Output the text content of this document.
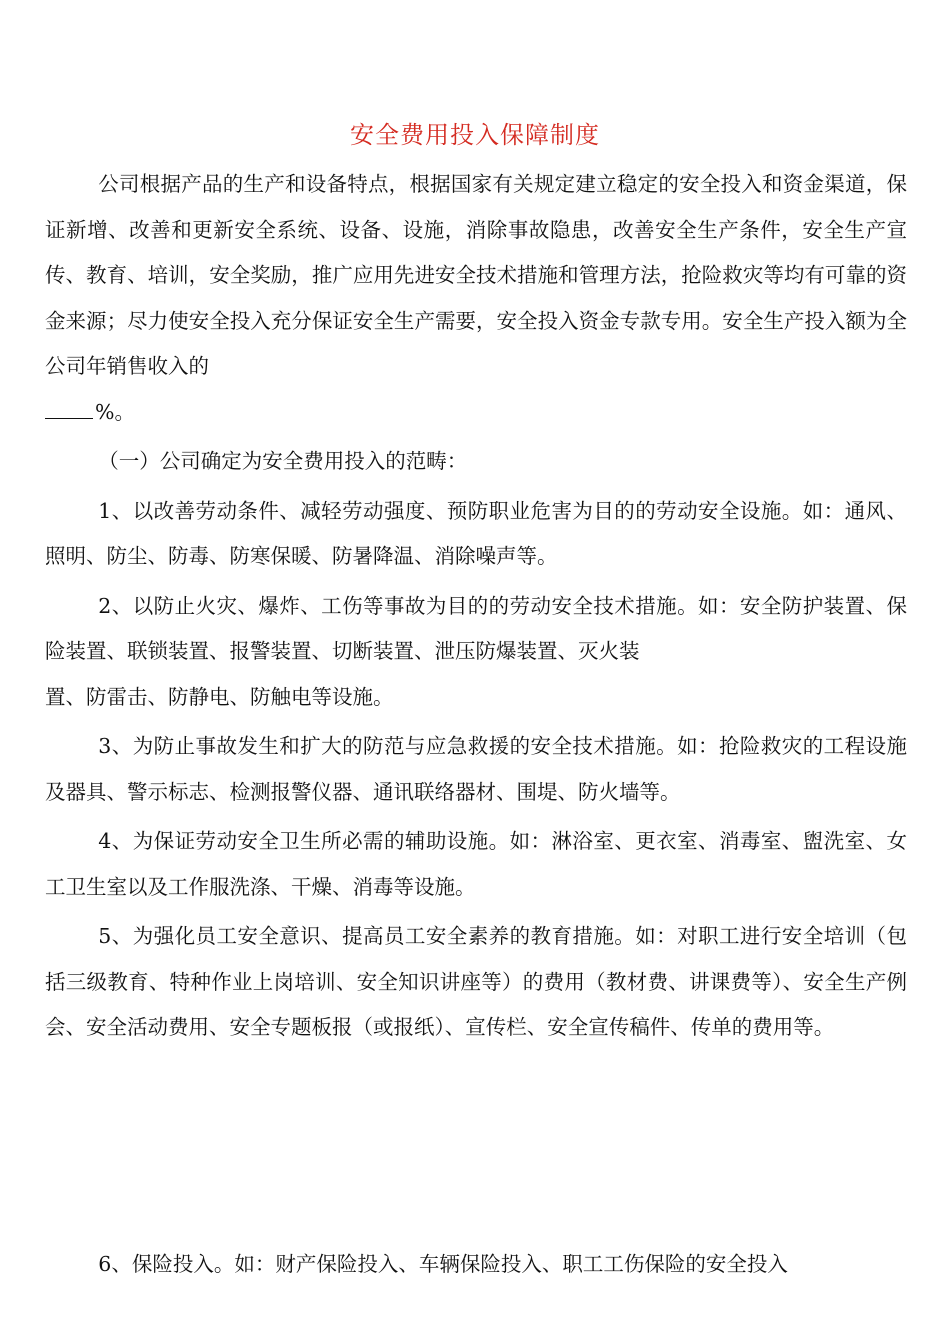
安全费用投入保障制度

公司根据产品的生产和设备特点，根据国家有关规定建立稳定的安全投入和资金渠道，保证新增、改善和更新安全系统、设备、设施，消除事故隐患，改善安全生产条件，安全生产宣传、教育、培训，安全奖励，推广应用先进安全技术措施和管理方法，抢险救灾等均有可靠的资金来源；尽力使安全投入充分保证安全生产需要，安全投入资金专款专用。安全生产投入额为全公司年销售收入的
%。

（一）公司确定为安全费用投入的范畴：

1、以改善劳动条件、减轻劳动强度、预防职业危害为目的的劳动安全设施。如：通风、照明、防尘、防毒、防寒保暖、防暑降温、消除噪声等。

2、以防止火灾、爆炸、工伤等事故为目的的劳动安全技术措施。如：安全防护装置、保险装置、联锁装置、报警装置、切断装置、泄压防爆装置、灭火装

置、防雷击、防静电、防触电等设施。

3、为防止事故发生和扩大的防范与应急救援的安全技术措施。如：抢险救灾的工程设施及器具、警示标志、检测报警仪器、通讯联络器材、围堤、防火墙等。

4、为保证劳动安全卫生所必需的辅助设施。如：淋浴室、更衣室、消毒室、盥洗室、女工卫生室以及工作服洗涤、干燥、消毒等设施。

5、为强化员工安全意识、提高员工安全素养的教育措施。如：对职工进行安全培训（包括三级教育、特种作业上岗培训、安全知识讲座等）的费用（教材费、讲课费等）、安全生产例会、安全活动费用、安全专题板报（或报纸）、宣传栏、安全宣传稿件、传单的费用等。

6、保险投入。如：财产保险投入、车辆保险投入、职工工伤保险的安全投入
